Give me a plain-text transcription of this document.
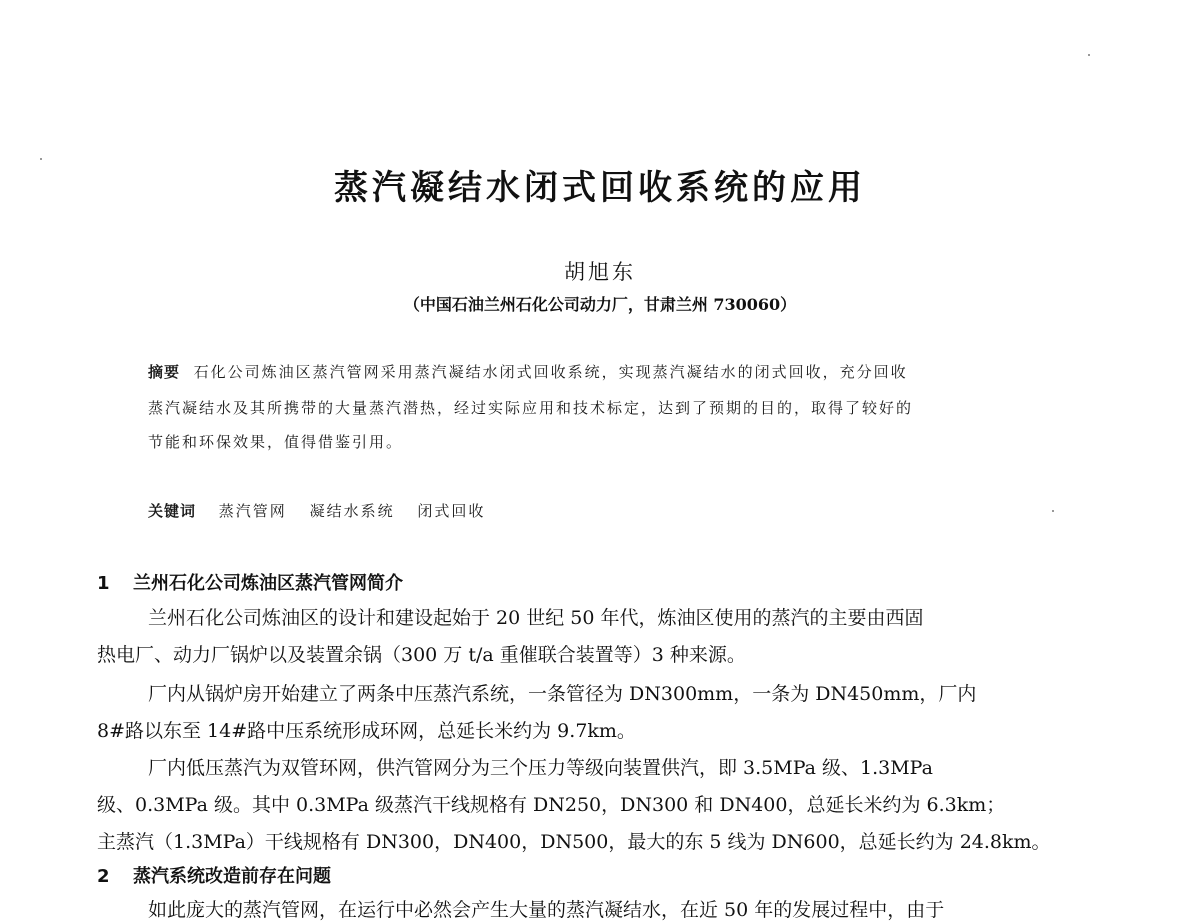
蒸汽凝结水闭式回收系统的应用
胡旭东
（中国石油兰州石化公司动力厂，甘肃兰州 730060）
摘要 石化公司炼油区蒸汽管网采用蒸汽凝结水闭式回收系统，实现蒸汽凝结水的闭式回收，充分回收
蒸汽凝结水及其所携带的大量蒸汽潜热，经过实际应用和技术标定，达到了预期的目的，取得了较好的
节能和环保效果，值得借鉴引用。
关键词 蒸汽管网 凝结水系统 闭式回收
1 兰州石化公司炼油区蒸汽管网简介
兰州石化公司炼油区的设计和建设起始于 20 世纪 50 年代，炼油区使用的蒸汽的主要由西固
热电厂、动力厂锅炉以及装置余锅（300 万 t/a 重催联合装置等）3 种来源。
厂内从锅炉房开始建立了两条中压蒸汽系统，一条管径为 DN300mm，一条为 DN450mm，厂内
8#路以东至 14#路中压系统形成环网，总延长米约为 9.7km。
厂内低压蒸汽为双管环网，供汽管网分为三个压力等级向装置供汽，即 3.5MPa 级、1.3MPa
级、0.3MPa 级。其中 0.3MPa 级蒸汽干线规格有 DN250，DN300 和 DN400，总延长米约为 6.3km；
主蒸汽（1.3MPa）干线规格有 DN300，DN400，DN500，最大的东 5 线为 DN600，总延长约为 24.8km。
2 蒸汽系统改造前存在问题
如此庞大的蒸汽管网，在运行中必然会产生大量的蒸汽凝结水，在近 50 年的发展过程中，由于
